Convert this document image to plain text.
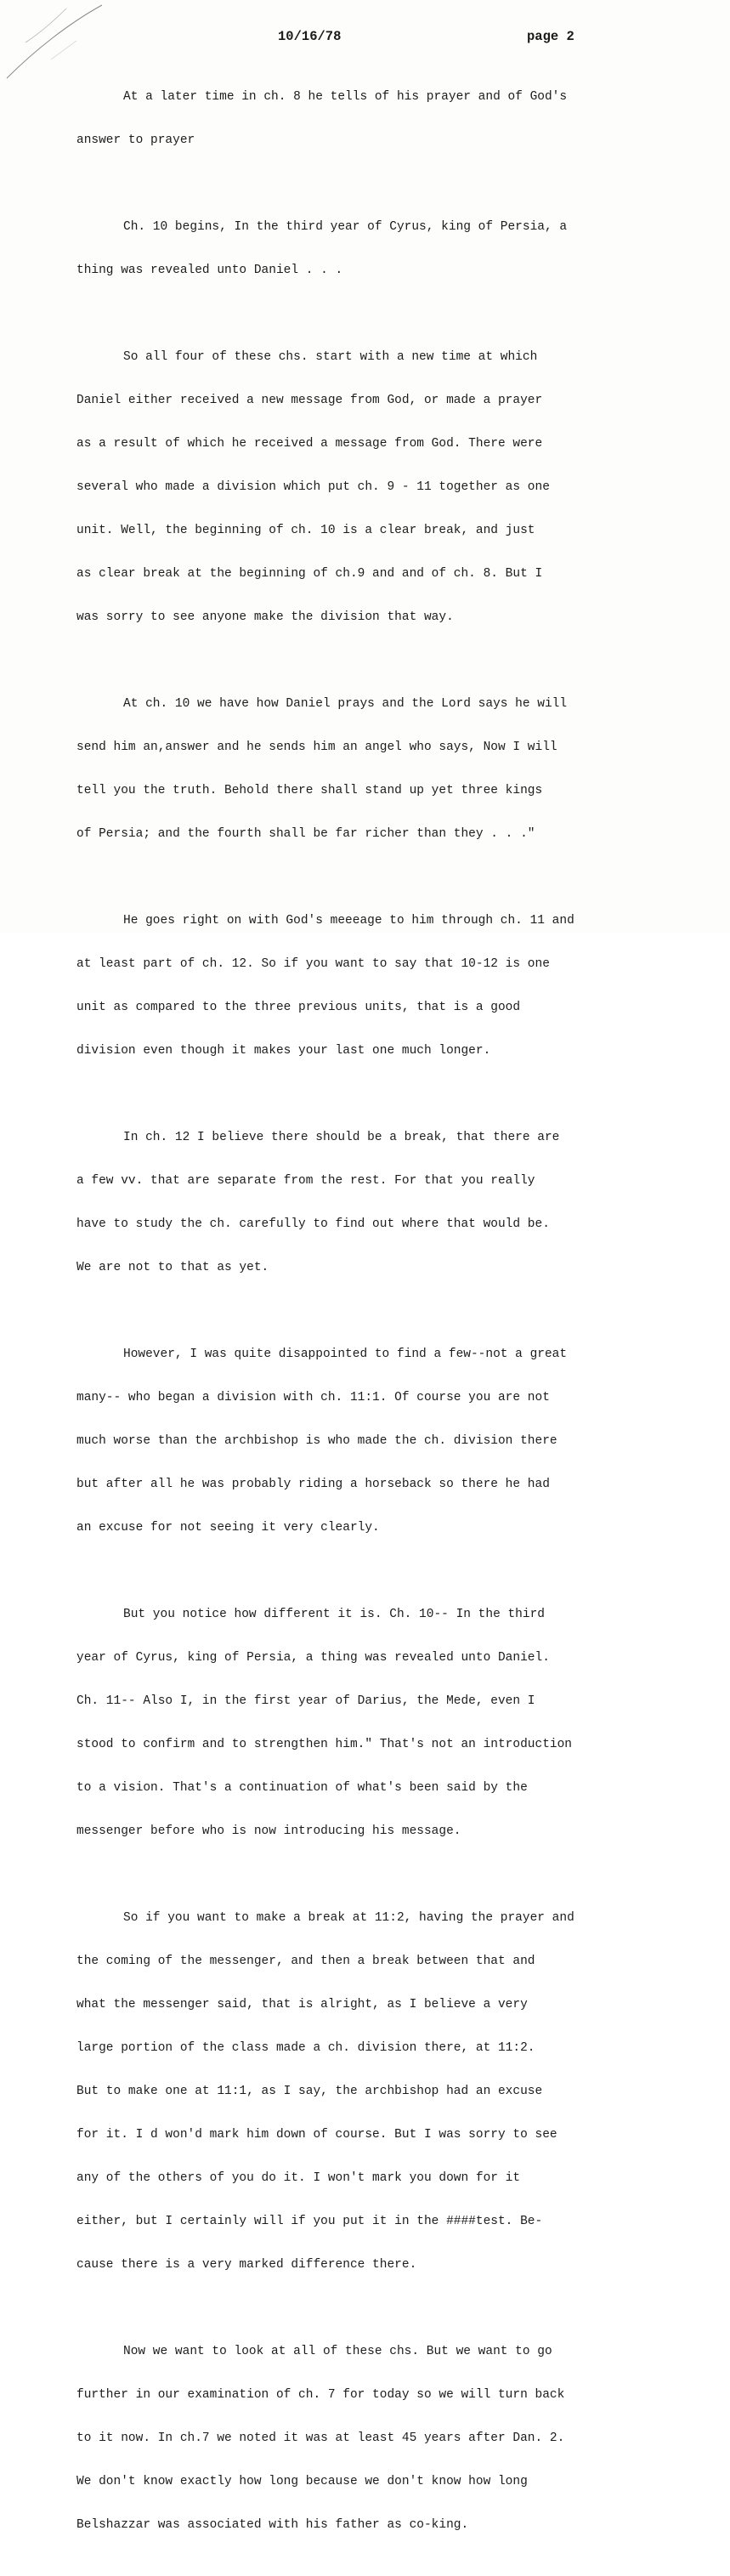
10/16/78	page 2

At a later time in ch. 8 he tells of his prayer and of God's

answer to prayer

Ch. 10 begins, In the third year of Cyrus, king of Persia, a

thing was revealed unto Daniel . . .

So all four of these chs. start with a new time at which

Daniel either received a new message from God, or made a prayer

as a result of which he received a message from God. There were

several who made a division which put ch. 9 - 11 together as one

unit. Well, the beginning of ch. 10 is a clear break, and just

as clear break at the beginning of ch.9 and and of ch. 8. But I

was sorry to see anyone make the division that way.

At ch. 10 we have how Daniel prays and the Lord says he will

send him an,answer and he sends him an angel who says, Now I will

tell you the truth. Behold there shall stand up yet three kings

of Persia; and the fourth shall be far richer than they . . ."

He goes right on with God's meeeage to him through ch. 11 and

at least part of ch. 12. So if you want to say that 10-12 is one

unit as compared to the three previous units, that is a good

division even though it makes your last one much longer.

In ch. 12 I believe there should be a break, that there are

a few vv. that are separate from the rest. For that you really

have to study the ch. carefully to find out where that would be.

We are not to that as yet.

However, I was quite disappointed to find a few--not a great

many-- who began a division with ch. 11:1. Of course you are not

much worse than the archbishop is who made the ch. division there

but after all he was probably riding a horseback so there he had

an excuse for not seeing it very clearly.

But you notice how different it is. Ch. 10-- In the third

year of Cyrus, king of Persia, a thing was revealed unto Daniel.

Ch. 11-- Also I, in the first year of Darius, the Mede, even I

stood to confirm and to strengthen him." That's not an introduction

to a vision. That's a continuation of what's been said by the

messenger before who is now introducing his message.

So if you want to make a break at 11:2, having the prayer and

the coming of the messenger, and then a break between that and

what the messenger said, that is alright, as I believe a very

large portion of the class made a ch. division there, at 11:2.

But to make one at 11:1, as I say, the archbishop had an excuse

for it. I d won'd mark him down of course. But I was sorry to see

any of the others of you do it. I won't mark you down for it

either, but I certainly will if you put it in the ####test. Be-

cause there is a very marked difference there.

Now we want to look at all of these chs. But we want to go

further in our examination of ch. 7 for today so we will turn back

to it now. In ch.7 we noted it was at least 45 years after Dan. 2.

We don't know exactly how long because we don't know how long

Belshazzar was associated with his father as co-king.
